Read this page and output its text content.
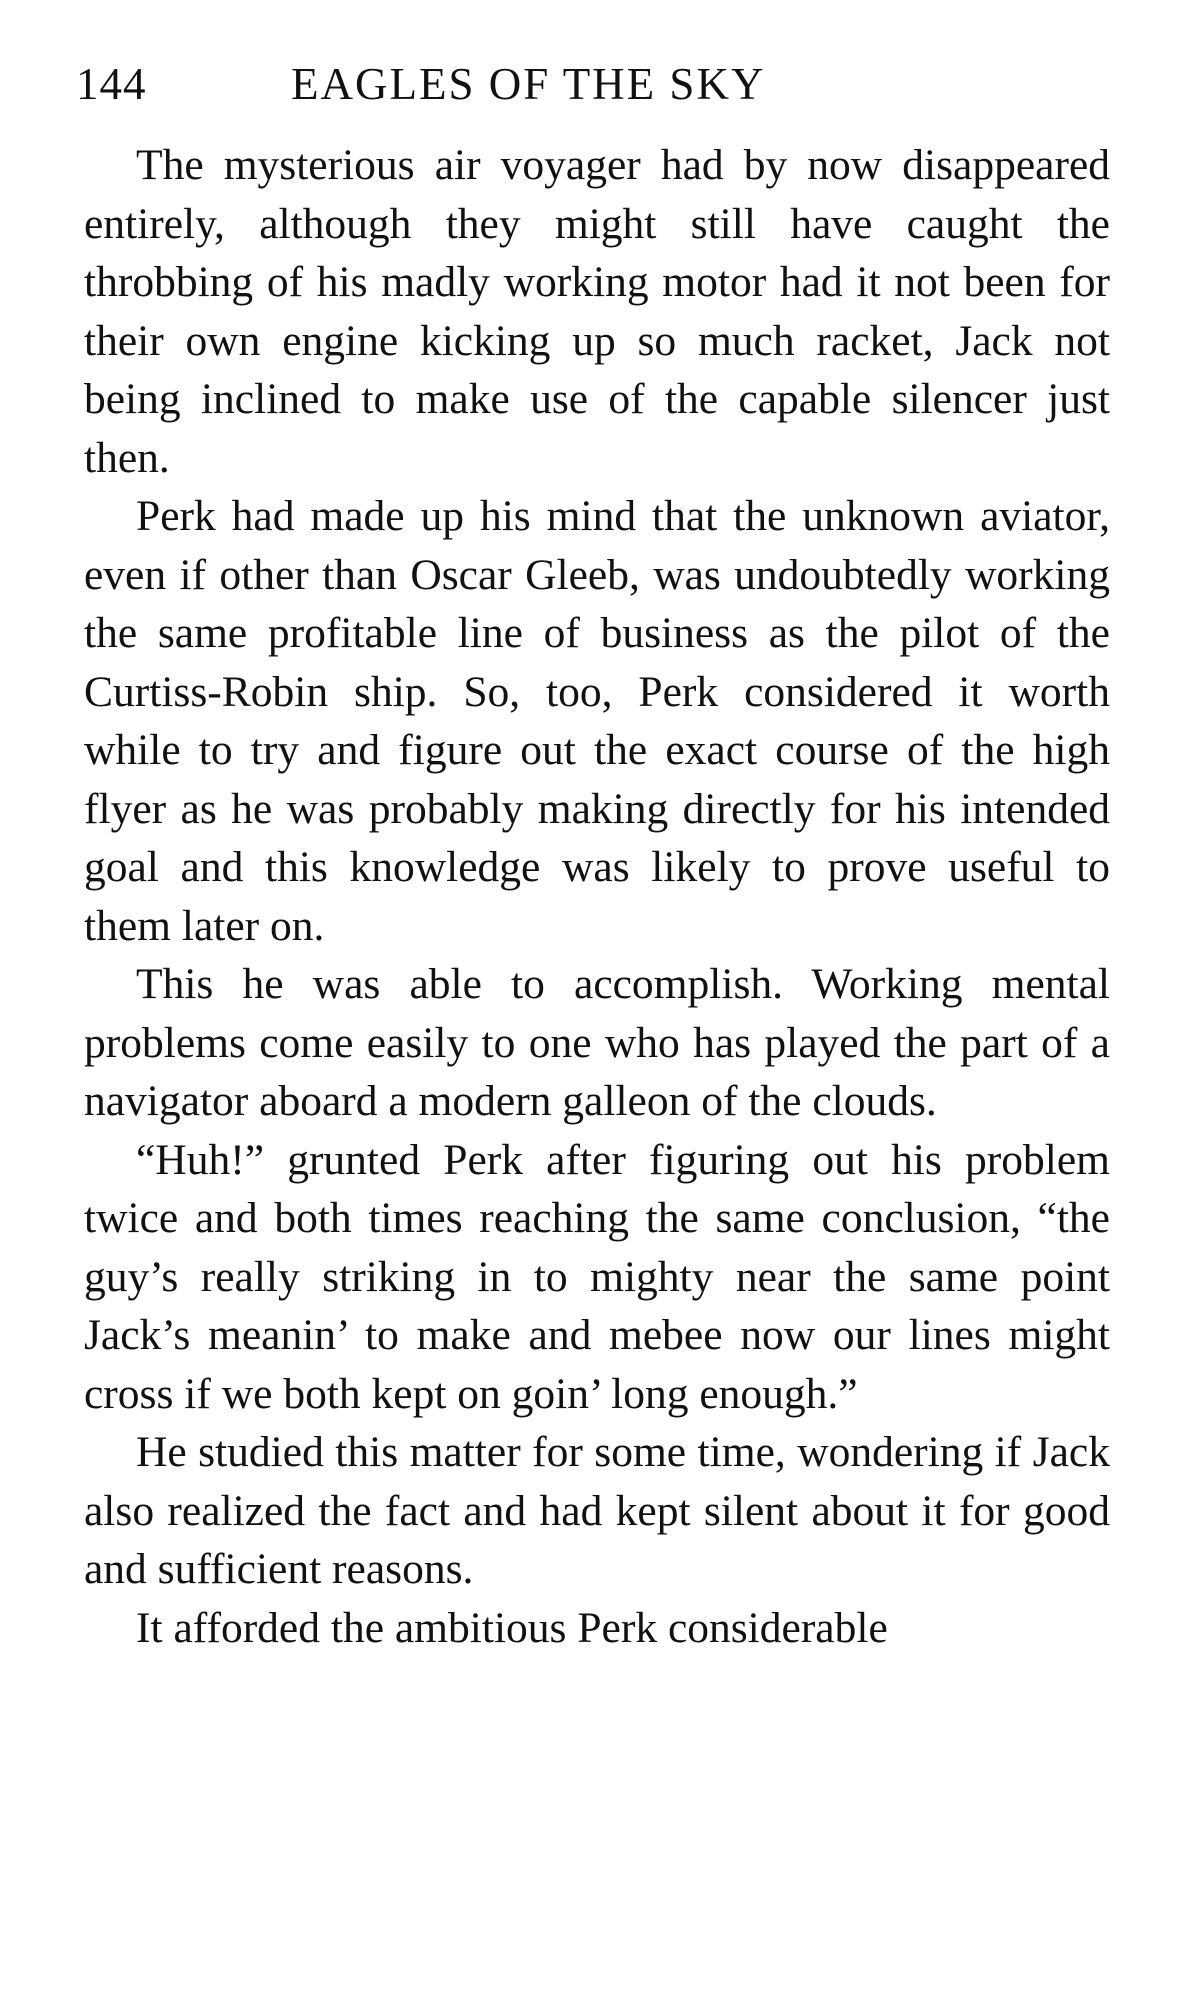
144	EAGLES OF THE SKY

The mysterious air voyager had by now disappeared entirely, although they might still have caught the throbbing of his madly working motor had it not been for their own engine kicking up so much racket, Jack not being inclined to make use of the capable silencer just then.

Perk had made up his mind that the unknown aviator, even if other than Oscar Gleeb, was undoubtedly working the same profitable line of business as the pilot of the Curtiss-Robin ship. So, too, Perk considered it worth while to try and figure out the exact course of the high flyer as he was probably making directly for his intended goal and this knowledge was likely to prove useful to them later on.

This he was able to accomplish. Working mental problems come easily to one who has played the part of a navigator aboard a modern galleon of the clouds.

“Huh!” grunted Perk after figuring out his problem twice and both times reaching the same conclusion, “the guy’s really striking in to mighty near the same point Jack’s meanin’ to make and mebee now our lines might cross if we both kept on goin’ long enough.”

He studied this matter for some time, wondering if Jack also realized the fact and had kept silent about it for good and sufficient reasons.

It afforded the ambitious Perk considerable
